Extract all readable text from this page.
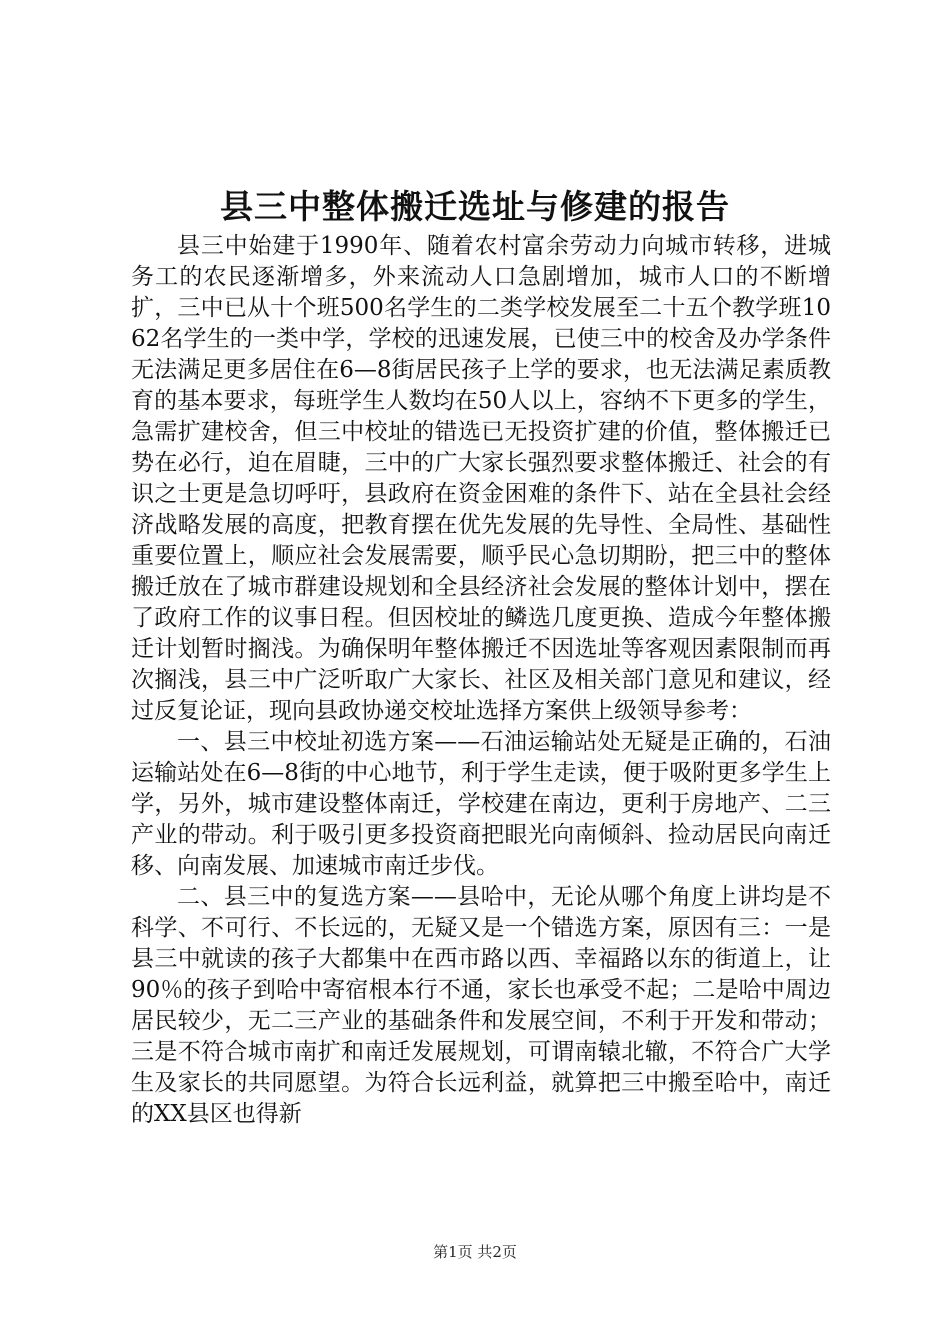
县三中整体搬迁选址与修建的报告

县三中始建于1990年、随着农村富余劳动力向城市转移，进城务工的农民逐渐增多，外来流动人口急剧增加，城市人口的不断增扩，三中已从十个班500名学生的二类学校发展至二十五个教学班1062名学生的一类中学，学校的迅速发展，已使三中的校舍及办学条件无法满足更多居住在6—8街居民孩子上学的要求，也无法满足素质教育的基本要求，每班学生人数均在50人以上，容纳不下更多的学生，急需扩建校舍，但三中校址的错选已无投资扩建的价值，整体搬迁已势在必行，迫在眉睫，三中的广大家长强烈要求整体搬迁、社会的有识之士更是急切呼吁，县政府在资金困难的条件下、站在全县社会经济战略发展的高度，把教育摆在优先发展的先导性、全局性、基础性重要位置上，顺应社会发展需要，顺乎民心急切期盼，把三中的整体搬迁放在了城市群建设规划和全县经济社会发展的整体计划中，摆在了政府工作的议事日程。但因校址的鳞选几度更换、造成今年整体搬迁计划暂时搁浅。为确保明年整体搬迁不因选址等客观因素限制而再次搁浅，县三中广泛听取广大家长、社区及相关部门意见和建议，经过反复论证，现向县政协递交校址选择方案供上级领导参考：

一、县三中校址初选方案——石油运输站处无疑是正确的，石油运输站处在6—8街的中心地节，利于学生走读，便于吸附更多学生上学，另外，城市建设整体南迁，学校建在南边，更利于房地产、二三产业的带动。利于吸引更多投资商把眼光向南倾斜、捡动居民向南迁移、向南发展、加速城市南迁步伐。

二、县三中的复选方案——县哈中，无论从哪个角度上讲均是不科学、不可行、不长远的，无疑又是一个错选方案，原因有三：一是县三中就读的孩子大都集中在西市路以西、幸福路以东的街道上，让90％的孩子到哈中寄宿根本行不通，家长也承受不起；二是哈中周边居民较少，无二三产业的基础条件和发展空间，不利于开发和带动；三是不符合城市南扩和南迁发展规划，可谓南辕北辙，不符合广大学生及家长的共同愿望。为符合长远利益，就算把三中搬至哈中，南迁的XX县区也得新

第1页 共2页
